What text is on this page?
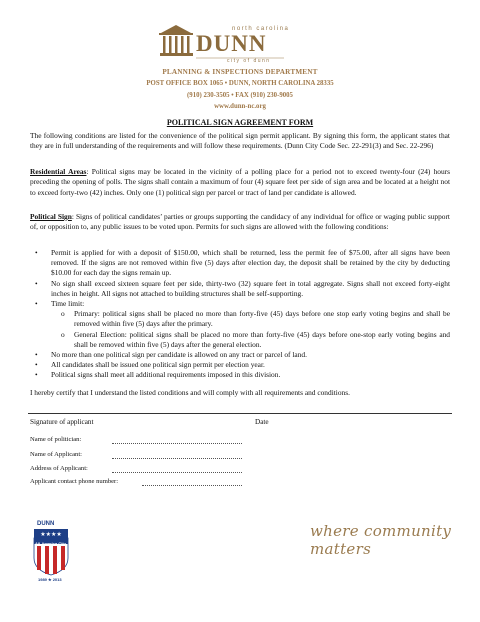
north carolina
DUNN
city of dunn
PLANNING & INSPECTIONS DEPARTMENT
POST OFFICE BOX 1065 • DUNN, NORTH CAROLINA 28335
(910) 230-3505 • FAX (910) 230-9005
www.dunn-nc.org
POLITICAL SIGN AGREEMENT FORM
The following conditions are listed for the convenience of the political sign permit applicant. By signing this form, the applicant states that they are in full understanding of the requirements and will follow these requirements. (Dunn City Code Sec. 22-291(3) and Sec. 22-296)
Residential Areas: Political signs may be located in the vicinity of a polling place for a period not to exceed twenty-four (24) hours preceding the opening of polls. The signs shall contain a maximum of four (4) square feet per side of sign area and be located at a height not to exceed forty-two (42) inches. Only one (1) political sign per parcel or tract of land per candidate is allowed.
Political Sign: Signs of political candidates’ parties or groups supporting the candidacy of any individual for office or waging public support of, or opposition to, any public issues to be voted upon. Permits for such signs are allowed with the following conditions:
• Permit is applied for with a deposit of $150.00, which shall be returned, less the permit fee of $75.00, after all signs have been removed. If the signs are not removed within five (5) days after election day, the deposit shall be retained by the city by deducting $10.00 for each day the signs remain up.
• No sign shall exceed sixteen square feet per side, thirty-two (32) square feet in total aggregate. Signs shall not exceed forty-eight inches in height. All signs not attached to building structures shall be self-supporting.
• Time limit:
o Primary: political signs shall be placed no more than forty-five (45) days before one stop early voting begins and shall be removed within five (5) days after the primary.
o General Election: political signs shall be placed no more than forty-five (45) days before one-stop early voting begins and shall be removed within five (5) days after the general election.
• No more than one political sign per candidate is allowed on any tract or parcel of land.
• All candidates shall be issued one political sign permit per election year.
• Political signs shall meet all additional requirements imposed in this division.
I hereby certify that I understand the listed conditions and will comply with all requirements and conditions.
Signature of applicant	Date
Name of politician:
Name of Applicant:
Address of Applicant:
Applicant contact phone number:
★★★★
DUNN
All-America City
1989 ★ 2013
where community matters
